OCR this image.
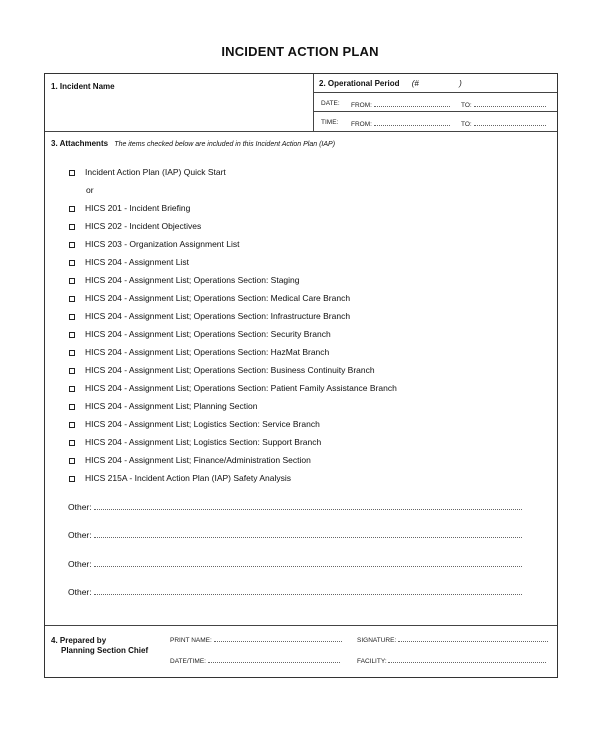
INCIDENT ACTION PLAN
1. Incident Name	2. Operational Period (#	)
DATE: FROM:	TO:
TIME: FROM:	TO:
3. Attachments The items checked below are included in this Incident Action Plan (IAP)
Incident Action Plan (IAP) Quick Start
or
HICS 201 - Incident Briefing
HICS 202 - Incident Objectives
HICS 203 - Organization Assignment List
HICS 204 - Assignment List
HICS 204 - Assignment List; Operations Section: Staging
HICS 204 - Assignment List; Operations Section: Medical Care Branch
HICS 204 - Assignment List; Operations Section: Infrastructure Branch
HICS 204 - Assignment List; Operations Section: Security Branch
HICS 204 - Assignment List; Operations Section: HazMat Branch
HICS 204 - Assignment List; Operations Section: Business Continuity Branch
HICS 204 - Assignment List; Operations Section: Patient Family Assistance Branch
HICS 204 - Assignment List; Planning Section
HICS 204 - Assignment List; Logistics Section: Service Branch
HICS 204 - Assignment List; Logistics Section: Support Branch
HICS 204 - Assignment List; Finance/Administration Section
HICS 215A - Incident Action Plan (IAP) Safety Analysis
Other:
Other:
Other:
Other:
4. Prepared by
Planning Section Chief
PRINT NAME:	SIGNATURE:
DATE/TIME:	FACILITY:
